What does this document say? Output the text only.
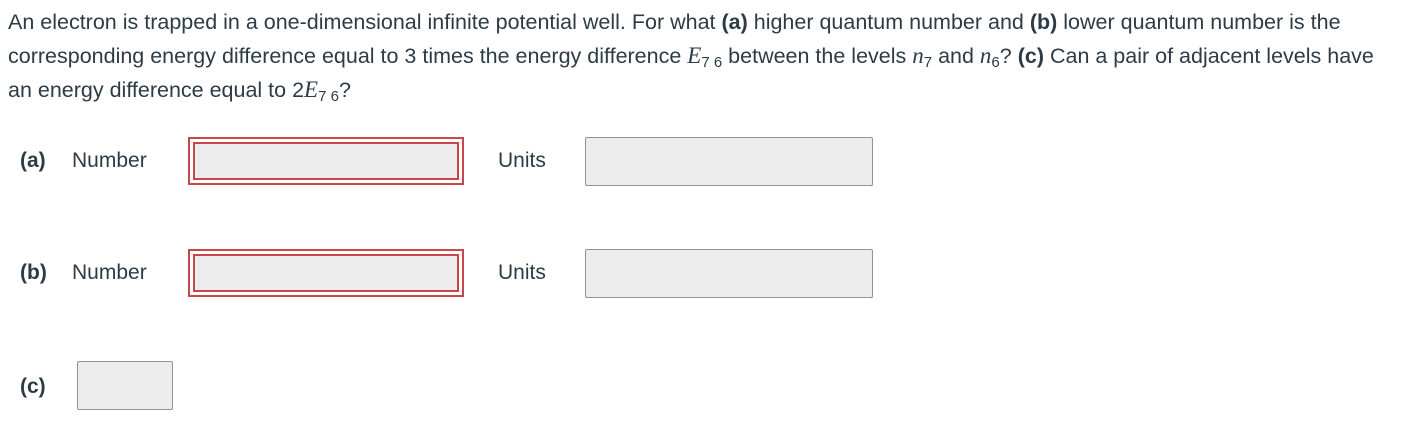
An electron is trapped in a one-dimensional infinite potential well. For what (a) higher quantum number and (b) lower quantum number is the corresponding energy difference equal to 3 times the energy difference $E_{7 6}$ between the levels $n_7$ and $n_6$? (c) Can a pair of adjacent levels have an energy difference equal to $2E_{7 6}$?
(a) Number	Units
(b) Number	Units
(c)
